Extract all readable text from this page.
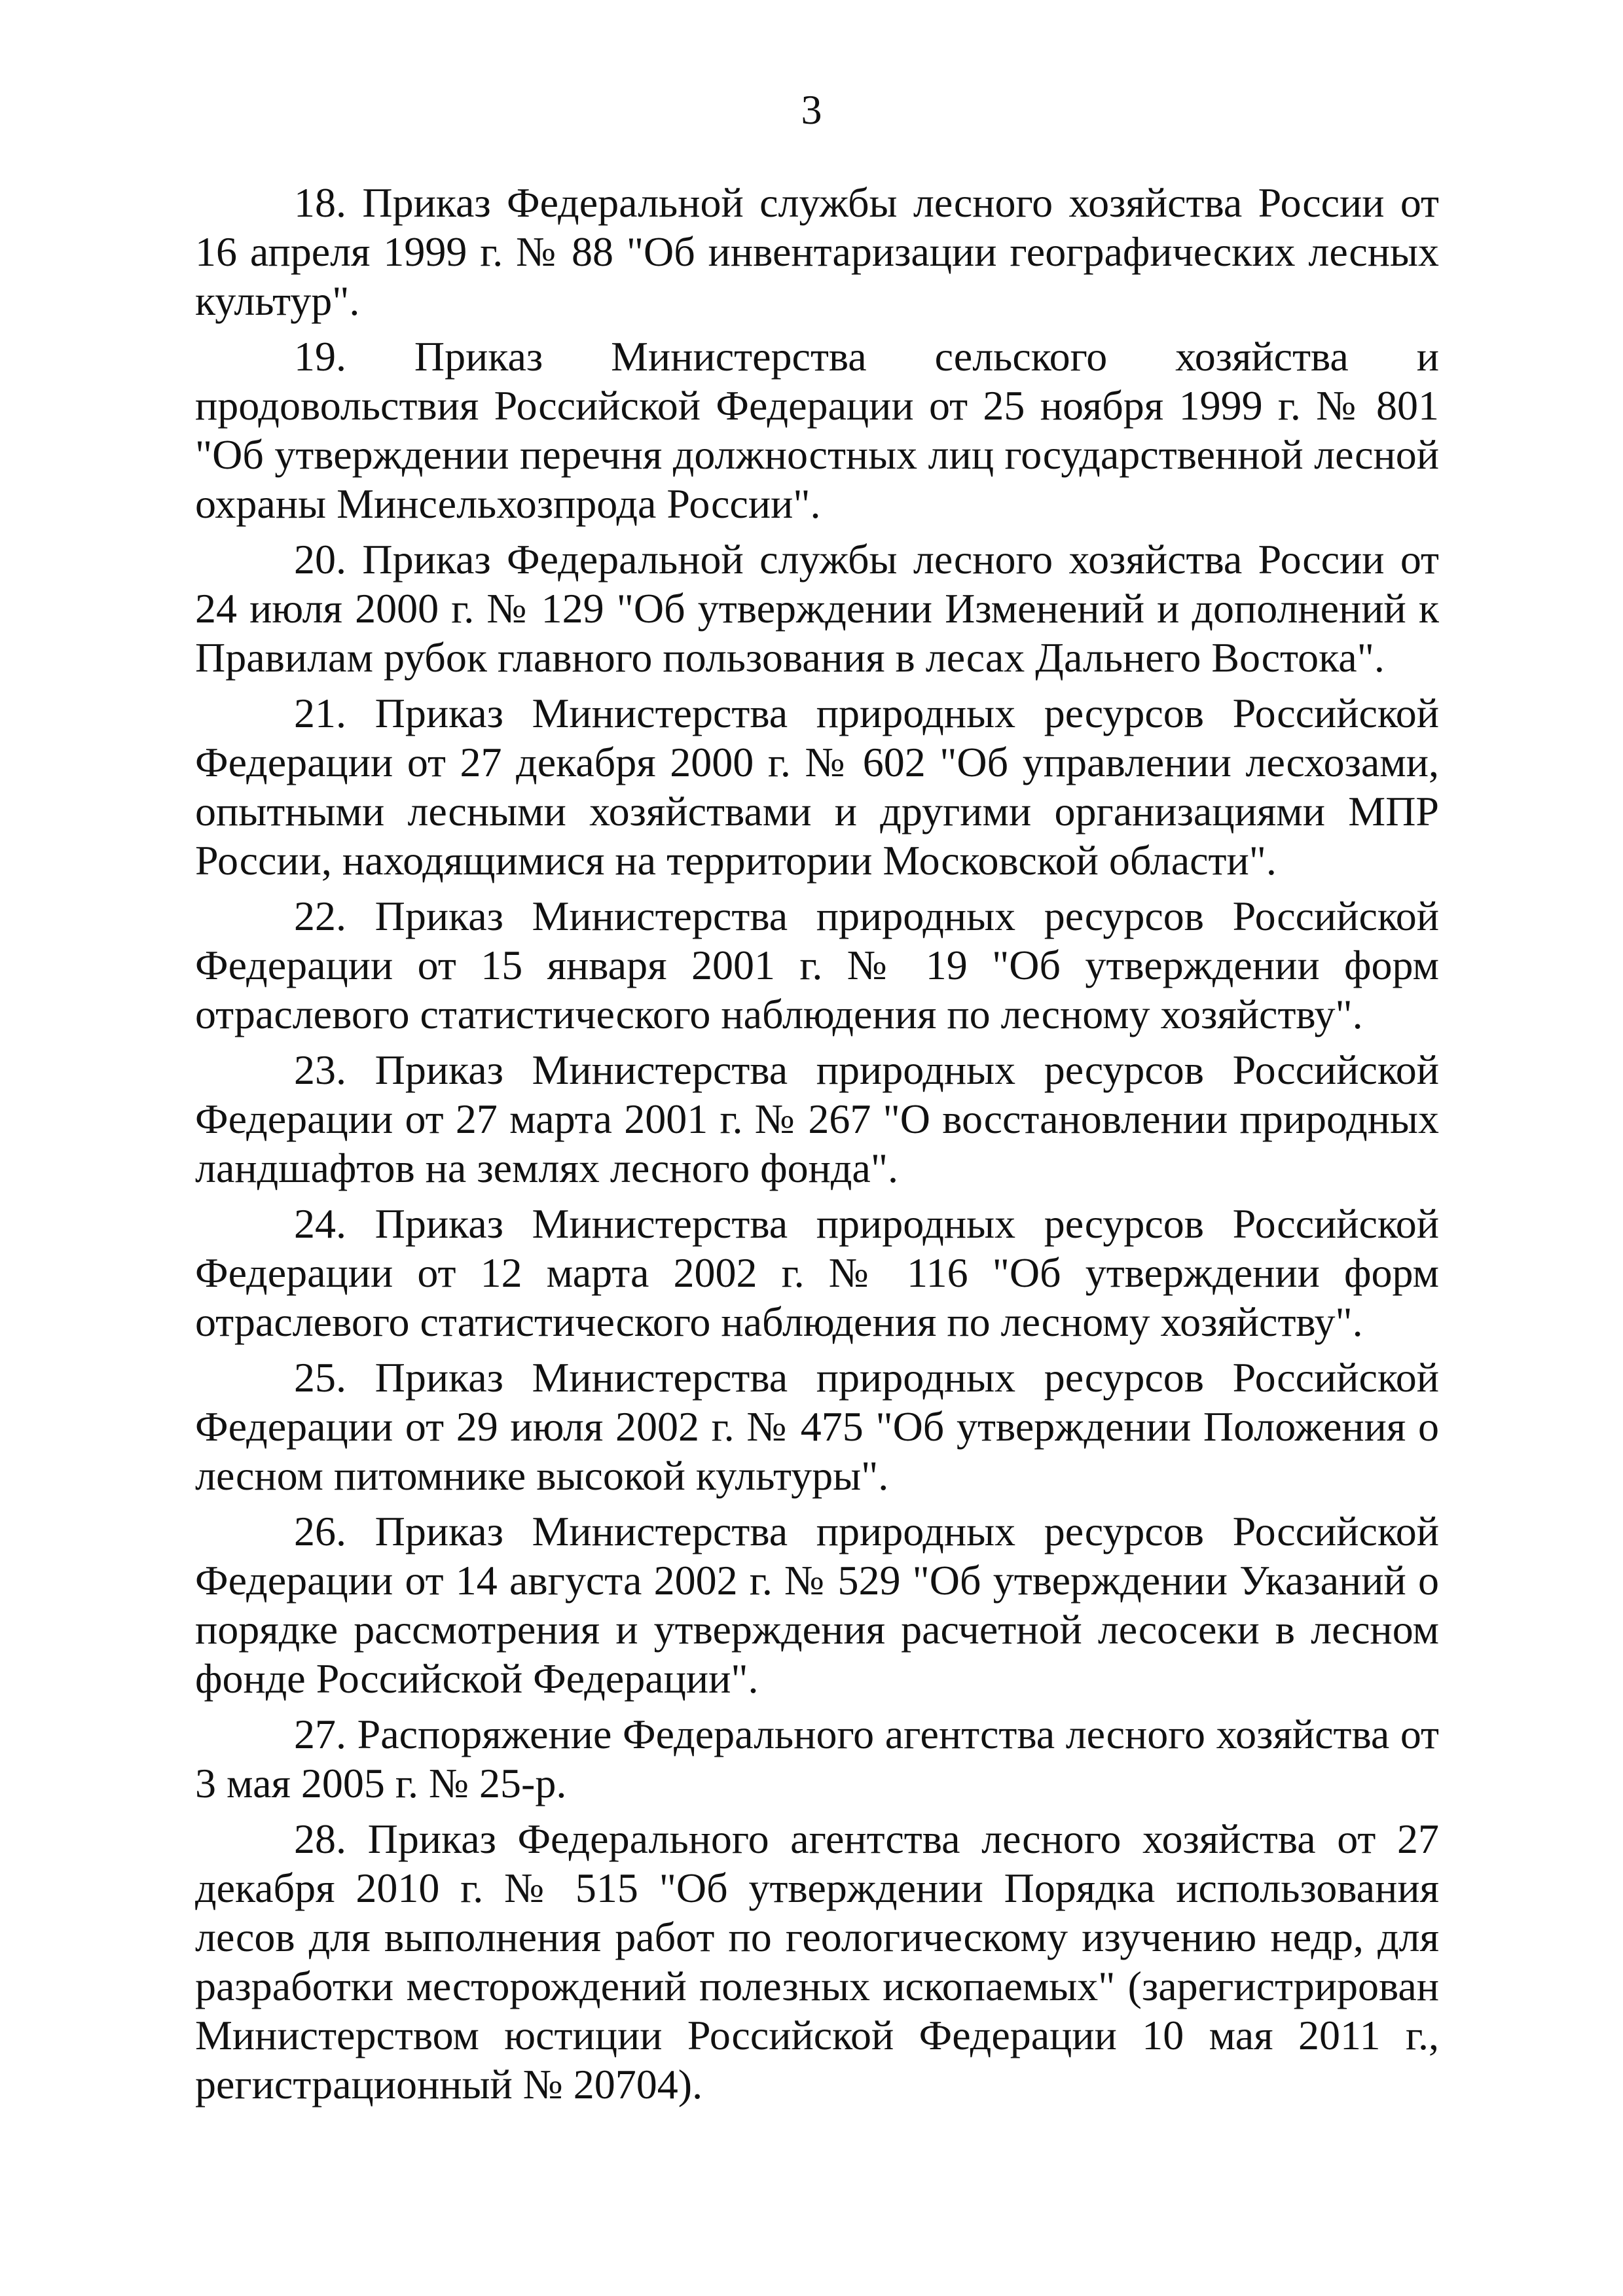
3

18. Приказ Федеральной службы лесного хозяйства России от 16 апреля 1999 г. № 88 "Об инвентаризации географических лесных культур".

19. Приказ Министерства сельского хозяйства и продовольствия Российской Федерации от 25 ноября 1999 г. № 801 "Об утверждении перечня должностных лиц государственной лесной охраны Минсельхозпрода России".

20. Приказ Федеральной службы лесного хозяйства России от 24 июля 2000 г. № 129 "Об утверждении Изменений и дополнений к Правилам рубок главного пользования в лесах Дальнего Востока".

21. Приказ Министерства природных ресурсов Российской Федерации от 27 декабря 2000 г. № 602 "Об управлении лесхозами, опытными лесными хозяйствами и другими организациями МПР России, находящимися на территории Московской области".

22. Приказ Министерства природных ресурсов Российской Федерации от 15 января 2001 г. № 19 "Об утверждении форм отраслевого статистического наблюдения по лесному хозяйству".

23. Приказ Министерства природных ресурсов Российской Федерации от 27 марта 2001 г. № 267 "О восстановлении природных ландшафтов на землях лесного фонда".

24. Приказ Министерства природных ресурсов Российской Федерации от 12 марта 2002 г. № 116 "Об утверждении форм отраслевого статистического наблюдения по лесному хозяйству".

25. Приказ Министерства природных ресурсов Российской Федерации от 29 июля 2002 г. № 475 "Об утверждении Положения о лесном питомнике высокой культуры".

26. Приказ Министерства природных ресурсов Российской Федерации от 14 августа 2002 г. № 529 "Об утверждении Указаний о порядке рассмотрения и утверждения расчетной лесосеки в лесном фонде Российской Федерации".

27. Распоряжение Федерального агентства лесного хозяйства от 3 мая 2005 г. № 25-р.

28. Приказ Федерального агентства лесного хозяйства от 27 декабря 2010 г. № 515 "Об утверждении Порядка использования лесов для выполнения работ по геологическому изучению недр, для разработки месторождений полезных ископаемых" (зарегистрирован Министерством юстиции Российской Федерации 10 мая 2011 г., регистрационный № 20704).
